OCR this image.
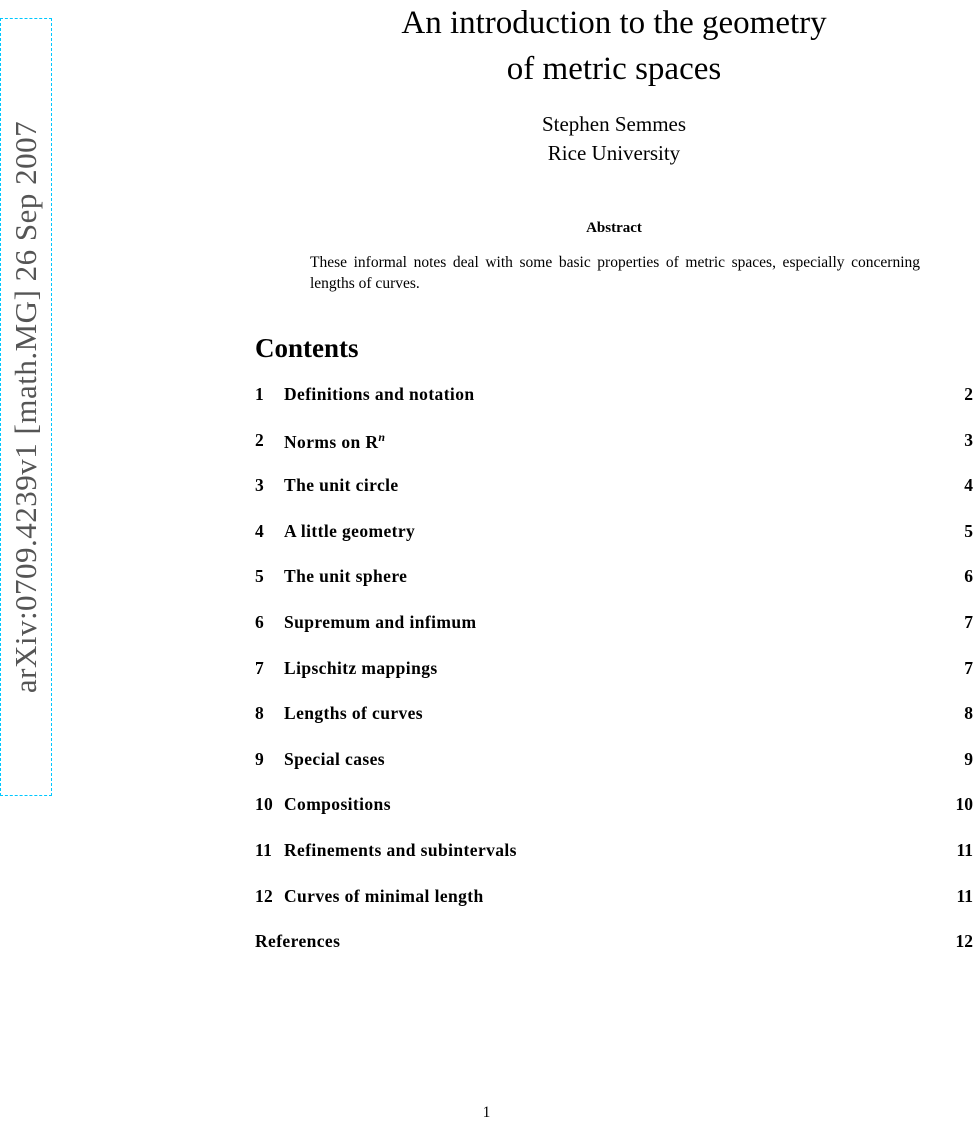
arXiv:0709.4239v1 [math.MG] 26 Sep 2007
An introduction to the geometry
of metric spaces
Stephen Semmes
Rice University
Abstract
These informal notes deal with some basic properties of metric spaces, especially concerning lengths of curves.
Contents
1	Definitions and notation	2
2	Norms on $R^n$	3
3	The unit circle	4
4	A little geometry	5
5	The unit sphere	6
6	Supremum and infimum	7
7	Lipschitz mappings	7
8	Lengths of curves	8
9	Special cases	9
10 Compositions	10
11 Refinements and subintervals	11
12 Curves of minimal length	11
References	12
1
